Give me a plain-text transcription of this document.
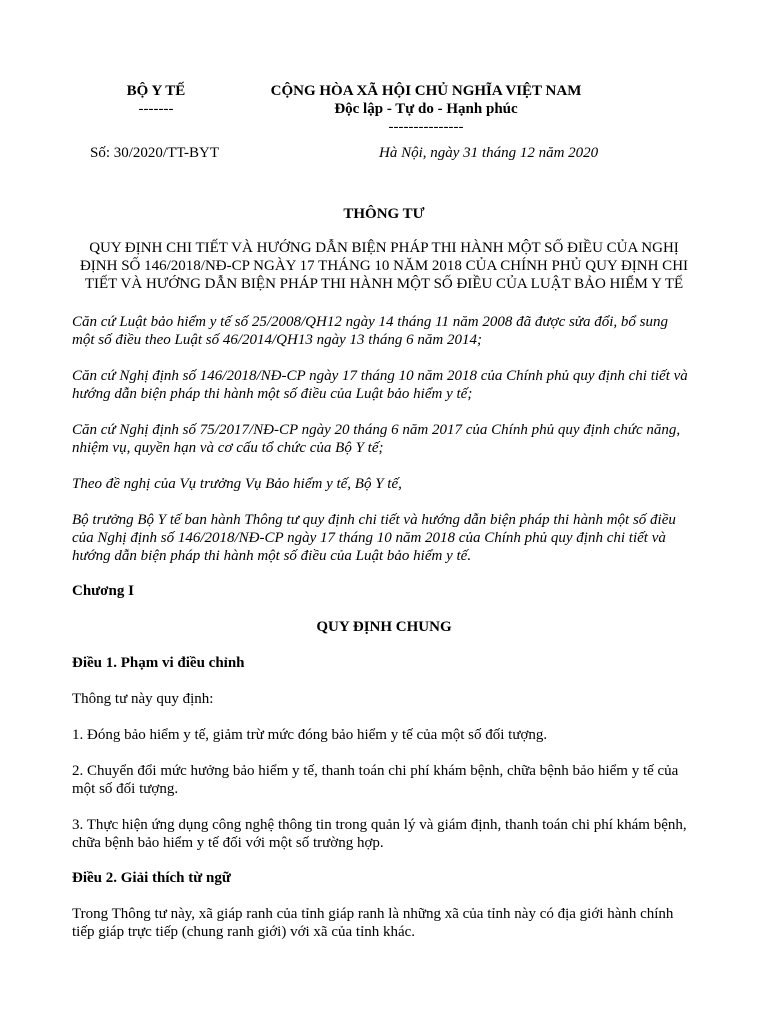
BỘ Y TẾ
-------
Số: 30/2020/TT-BYT
CỘNG HÒA XÃ HỘI CHỦ NGHĨA VIỆT NAM
Độc lập - Tự do - Hạnh phúc
---------------
Hà Nội, ngày 31 tháng 12 năm 2020
THÔNG TƯ
QUY ĐỊNH CHI TIẾT VÀ HƯỚNG DẪN BIỆN PHÁP THI HÀNH MỘT SỐ ĐIỀU CỦA NGHỊ
ĐỊNH SỐ 146/2018/NĐ-CP NGÀY 17 THÁNG 10 NĂM 2018 CỦA CHÍNH PHỦ QUY ĐỊNH CHI
TIẾT VÀ HƯỚNG DẪN BIỆN PHÁP THI HÀNH MỘT SỐ ĐIỀU CỦA LUẬT BẢO HIỂM Y TẾ
Căn cứ Luật bảo hiểm y tế số 25/2008/QH12 ngày 14 tháng 11 năm 2008 đã được sửa đổi, bổ sung
một số điều theo Luật số 46/2014/QH13 ngày 13 tháng 6 năm 2014;
Căn cứ Nghị định số 146/2018/NĐ-CP ngày 17 tháng 10 năm 2018 của Chính phủ quy định chi tiết và
hướng dẫn biện pháp thi hành một số điều của Luật bảo hiểm y tế;
Căn cứ Nghị định số 75/2017/NĐ-CP ngày 20 tháng 6 năm 2017 của Chính phủ quy định chức năng,
nhiệm vụ, quyền hạn và cơ cấu tổ chức của Bộ Y tế;
Theo đề nghị của Vụ trưởng Vụ Bảo hiểm y tế, Bộ Y tế,
Bộ trưởng Bộ Y tế ban hành Thông tư quy định chi tiết và hướng dẫn biện pháp thi hành một số điều
của Nghị định số 146/2018/NĐ-CP ngày 17 tháng 10 năm 2018 của Chính phủ quy định chi tiết và
hướng dẫn biện pháp thi hành một số điều của Luật bảo hiểm y tế.
Chương I
QUY ĐỊNH CHUNG
Điều 1. Phạm vi điều chỉnh
Thông tư này quy định:
1. Đóng bảo hiểm y tế, giảm trừ mức đóng bảo hiểm y tế của một số đối tượng.
2. Chuyển đổi mức hưởng bảo hiểm y tế, thanh toán chi phí khám bệnh, chữa bệnh bảo hiểm y tế của
một số đối tượng.
3. Thực hiện ứng dụng công nghệ thông tin trong quản lý và giám định, thanh toán chi phí khám bệnh,
chữa bệnh bảo hiểm y tế đối với một số trường hợp.
Điều 2. Giải thích từ ngữ
Trong Thông tư này, xã giáp ranh của tỉnh giáp ranh là những xã của tỉnh này có địa giới hành chính
tiếp giáp trực tiếp (chung ranh giới) với xã của tỉnh khác.
